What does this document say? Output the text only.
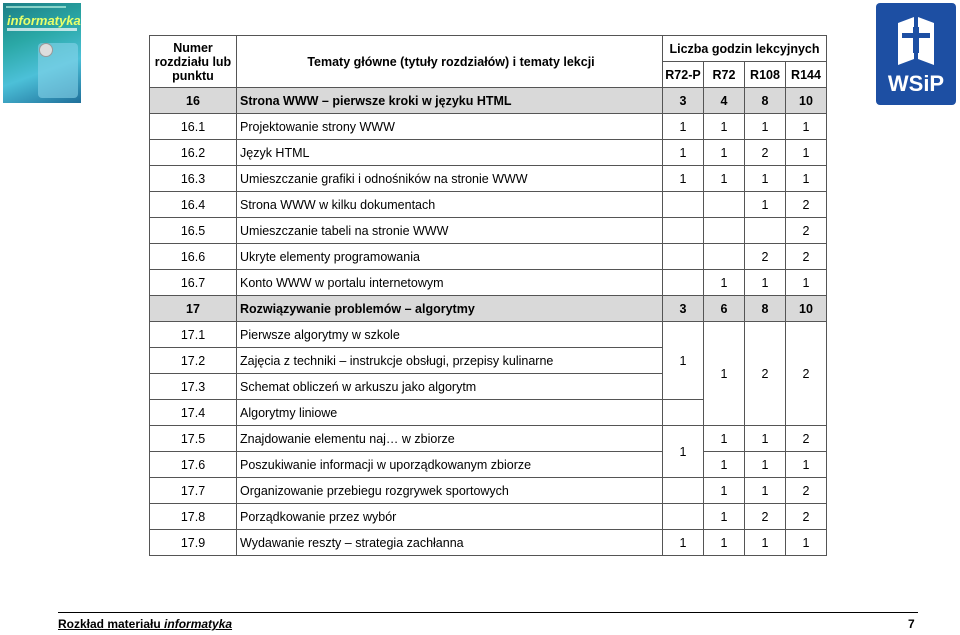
informatyka
WSiP
Numer rozdziału lub punktu	Tematy główne (tytuły rozdziałów) i tematy lekcji	Liczba godzin lekcyjnych			
		R72-P	R72	R108	R144
16	Strona WWW – pierwsze kroki w języku HTML	3	4	8	10
16.1	Projektowanie strony WWW	1	1	1	1
16.2	Język HTML	1	1	2	1
16.3	Umieszczanie grafiki i odnośników na stronie WWW	1	1	1	1
16.4	Strona WWW w kilku dokumentach			1	2
16.5	Umieszczanie tabeli na stronie WWW				2
16.6	Ukryte elementy programowania			2	2
16.7	Konto WWW w portalu internetowym		1	1	1
17	Rozwiązywanie problemów – algorytmy	3	6	8	10
17.1	Pierwsze algorytmy w szkole	1	1	2	2
17.2	Zajęcia z techniki – instrukcje obsługi, przepisy kulinarne				
17.3	Schemat obliczeń w arkuszu jako algorytm				
17.4	Algorytmy liniowe				
17.5	Znajdowanie elementu naj… w zbiorze	1	1	1	2
17.6	Poszukiwanie informacji w uporządkowanym zbiorze		1	1	1
17.7	Organizowanie przebiegu rozgrywek sportowych		1	1	2
17.8	Porządkowanie przez wybór		1	2	2
17.9	Wydawanie reszty – strategia zachłanna	1	1	1	1
Rozkład materiału informatyka	7
